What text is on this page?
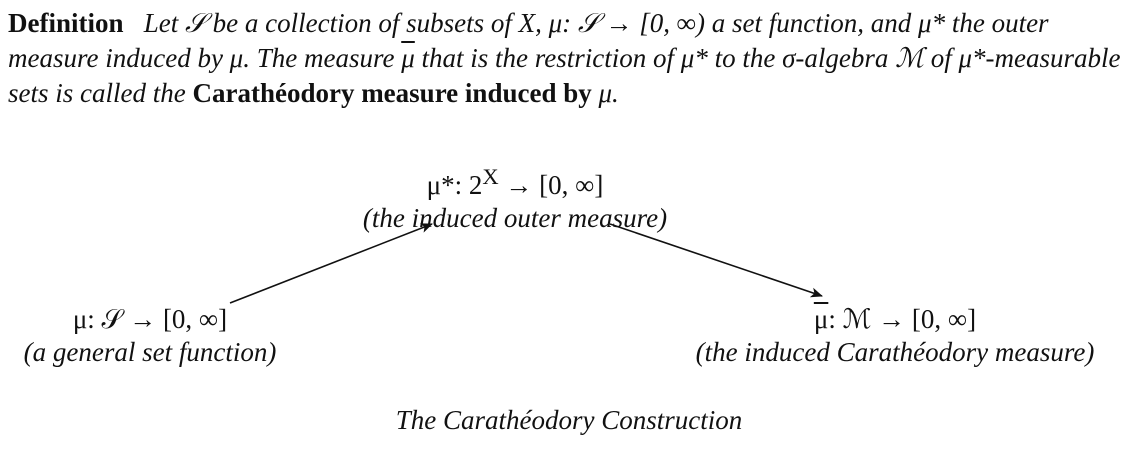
Definition Let 𝒮 be a collection of subsets of X, μ: 𝒮 → [0, ∞) a set function, and μ* the outer measure induced by μ. The measure $\overline{\mu}$ that is the restriction of μ* to the σ-algebra ℳ of μ*-measurable sets is called the Carathéodory measure induced by μ.

μ*: $2^X \to [0$, ∞]
(the induced outer measure)
μ: 𝒮 → [0, ∞]
(a general set function)
$\overline{\mu}$: ℳ → [0, ∞]
(the induced Carathéodory measure)
The Carathéodory Construction
